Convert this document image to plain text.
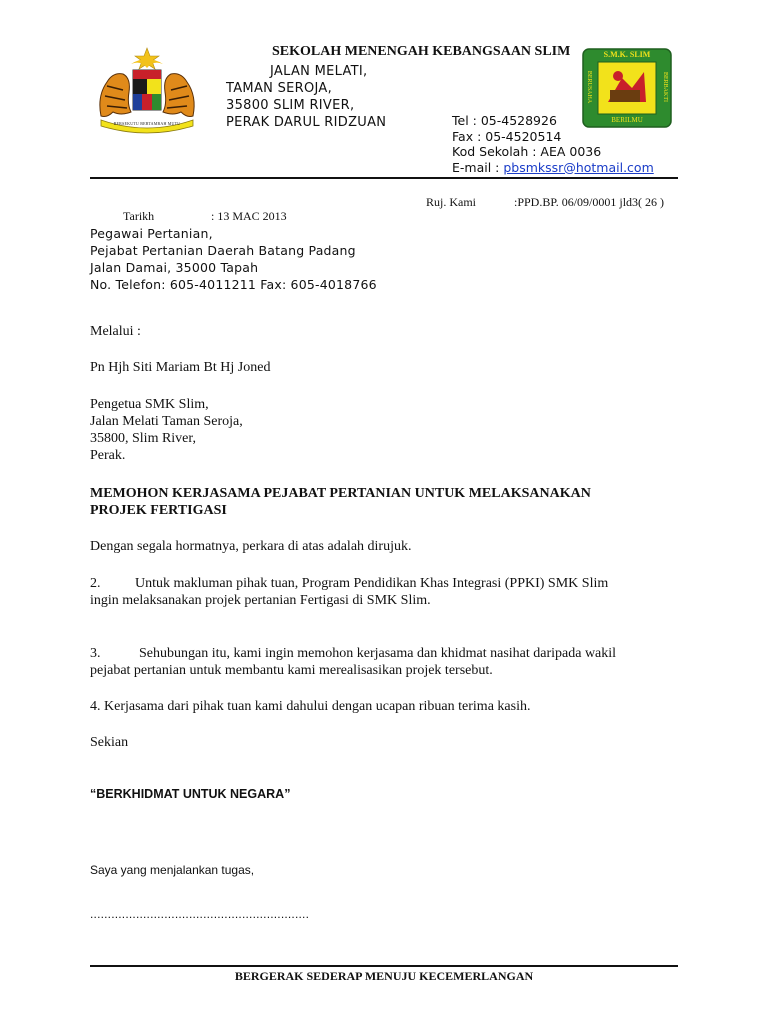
BERSEKUTU BERTAMBAH MUTU
SEKOLAH MENENGAH KEBANGSAAN SLIM
JALAN MELATI,
TAMAN SEROJA,
35800 SLIM RIVER,
PERAK DARUL RIDZUAN	Tel : 05-4528926
Fax : 05-4520514
Kod Sekolah : AEA 0036
E-mail : pbsmkssr@hotmail.com
S.M.K. SLIM
BERUSAHA	BERBAKTI
BERILMU
Ruj. Kami	:PPD.BP. 06/09/0001 jld3( 26 )
Tarikh	: 13 MAC 2013
Pegawai Pertanian,
Pejabat Pertanian Daerah Batang Padang
Jalan Damai, 35000 Tapah
No. Telefon: 605-4011211 Fax: 605-4018766
Melalui :
Pn Hjh Siti Mariam Bt Hj Joned
Pengetua SMK Slim,
Jalan Melati Taman Seroja,
35800, Slim River,
Perak.
MEMOHON KERJASAMA PEJABAT PERTANIAN UNTUK MELAKSANAKAN
PROJEK FERTIGASI
Dengan segala hormatnya, perkara di atas adalah dirujuk.
2. Untuk makluman pihak tuan, Program Pendidikan Khas Integrasi (PPKI) SMK Slim
ingin melaksanakan projek pertanian Fertigasi di SMK Slim.
3.	Sehubungan itu, kami ingin memohon kerjasama dan khidmat nasihat daripada wakil
pejabat pertanian untuk membantu kami merealisasikan projek tersebut.
4. Kerjasama dari pihak tuan kami dahului dengan ucapan ribuan terima kasih.
Sekian
“BERKHIDMAT UNTUK NEGARA”
Saya yang menjalankan tugas,
..............................................................
BERGERAK SEDERAP MENUJU KECEMERLANGAN
